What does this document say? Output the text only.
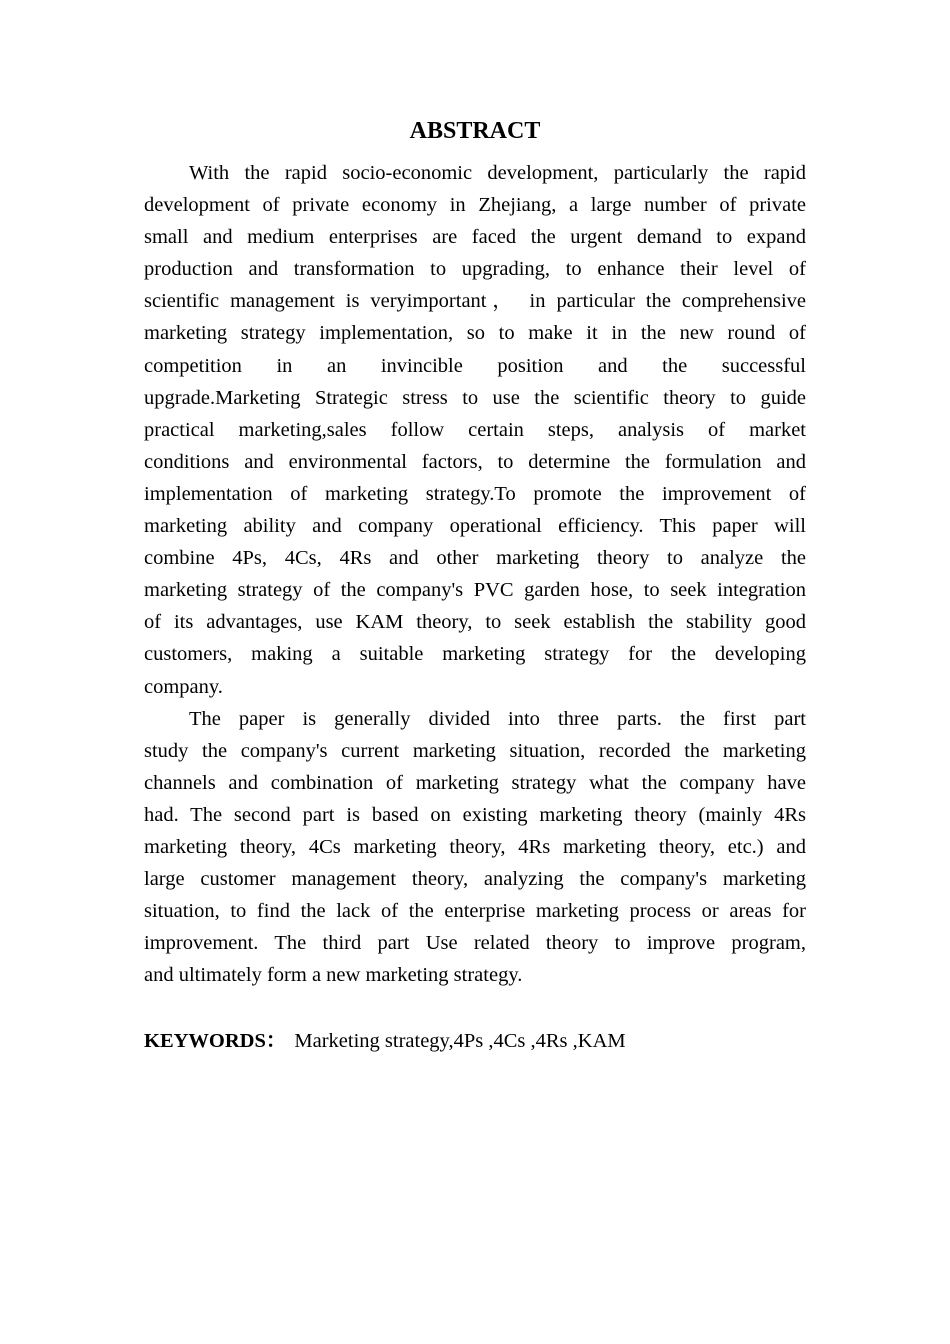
ABSTRACT
With the rapid socio-economic development, particularly the rapid
development of private economy in Zhejiang, a large number of private
small and medium enterprises are faced the urgent demand to expand
production and transformation to upgrading, to enhance their level of
scientific management is veryimportant， in particular the comprehensive
marketing strategy implementation, so to make it in the new round of
competition in an invincible position and the successful
upgrade.Marketing Strategic stress to use the scientific theory to guide
practical marketing,sales follow certain steps, analysis of market
conditions and environmental factors, to determine the formulation and
implementation of marketing strategy.To promote the improvement of
marketing ability and company operational efficiency. This paper will
combine 4Ps, 4Cs, 4Rs and other marketing theory to analyze the
marketing strategy of the company's PVC garden hose, to seek integration
of its advantages, use KAM theory, to seek establish the stability good
customers, making a suitable marketing strategy for the developing
company.
The paper is generally divided into three parts. the first part
study the company's current marketing situation, recorded the marketing
channels and combination of marketing strategy what the company have
had. The second part is based on existing marketing theory (mainly 4Rs
marketing theory, 4Cs marketing theory, 4Rs marketing theory, etc.) and
large customer management theory, analyzing the company's marketing
situation, to find the lack of the enterprise marketing process or areas for
improvement. The third part Use related theory to improve program,
and ultimately form a new marketing strategy.
KEYWORDS： Marketing strategy,4Ps ,4Cs ,4Rs ,KAM
